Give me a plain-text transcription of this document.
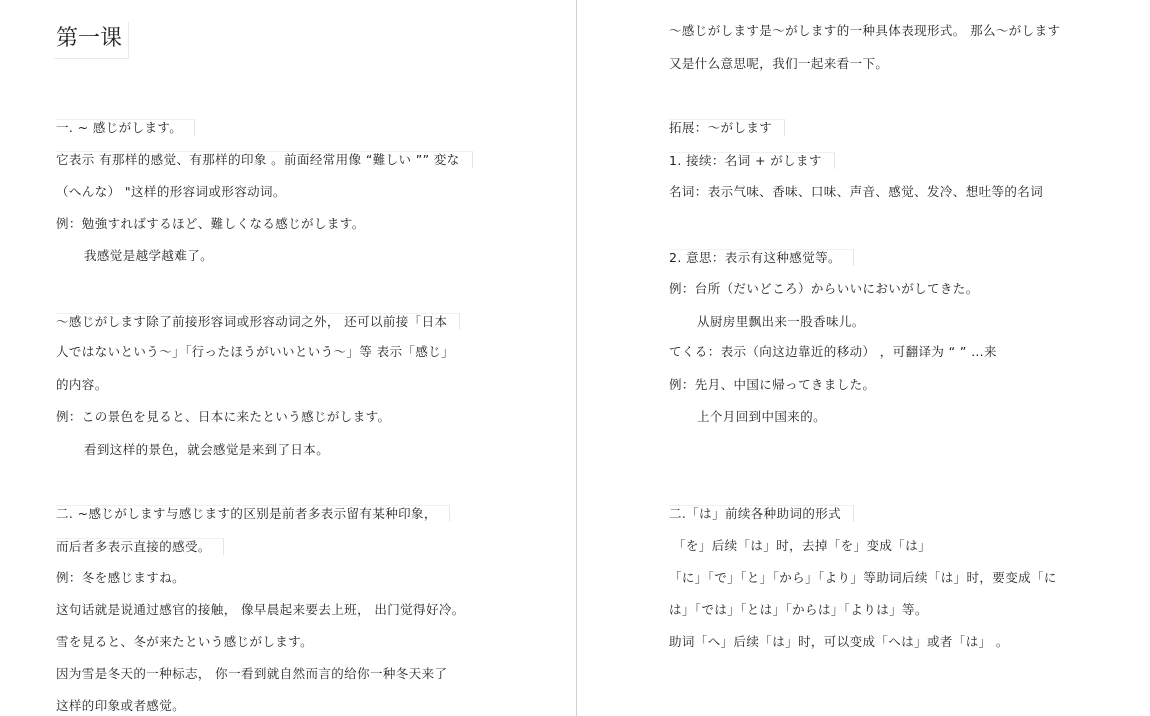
第一课
一. ~ 感じがします。
它表示 有那样的感觉、有那样的印象 。前面经常用像 “難しい ”” 変な
（へんな） "这样的形容词或形容动词。
例：勉強すればするほど、難しくなる感じがします。
我感觉是越学越难了。
～感じがします除了前接形容词或形容动词之外， 还可以前接「日本
人ではないという～」「行ったほうがいいという～」等 表示「感じ」
的内容。
例：この景色を見ると、日本に来たという感じがします。
看到这样的景色，就会感觉是来到了日本。
二. ~感じがします与感じます的区别是前者多表示留有某种印象，
而后者多表示直接的感受。
例：冬を感じますね。
这句话就是说通过感官的接触， 像早晨起来要去上班， 出门觉得好冷。
雪を見ると、冬が来たという感じがします。
因为雪是冬天的一种标志， 你一看到就自然而言的给你一种冬天来了
这样的印象或者感觉。
～感じがします是～がします的一种具体表现形式。 那么～がします
又是什么意思呢，我们一起来看一下。
拓展：～がします
1. 接续：名词 + がします
名词：表示气味、香味、口味、声音、感觉、发冷、想吐等的名词
2. 意思：表示有这种感觉等。
例：台所（だいどころ）からいいにおいがしてきた。
从厨房里飘出来一股香味儿。
てくる：表示（向这边靠近的移动） ，可翻译为 “ ” …来
例：先月、中国に帰ってきました。
上个月回到中国来的。
二.「は」前续各种助词的形式
「を」后续「は」时，去掉「を」变成「は」
「に」「で」「と」「から」「より」等助词后续「は」时，要变成「に
は」「では」「とは」「からは」「よりは」等。
助词「へ」后续「は」时，可以变成「へは」或者「は」 。
